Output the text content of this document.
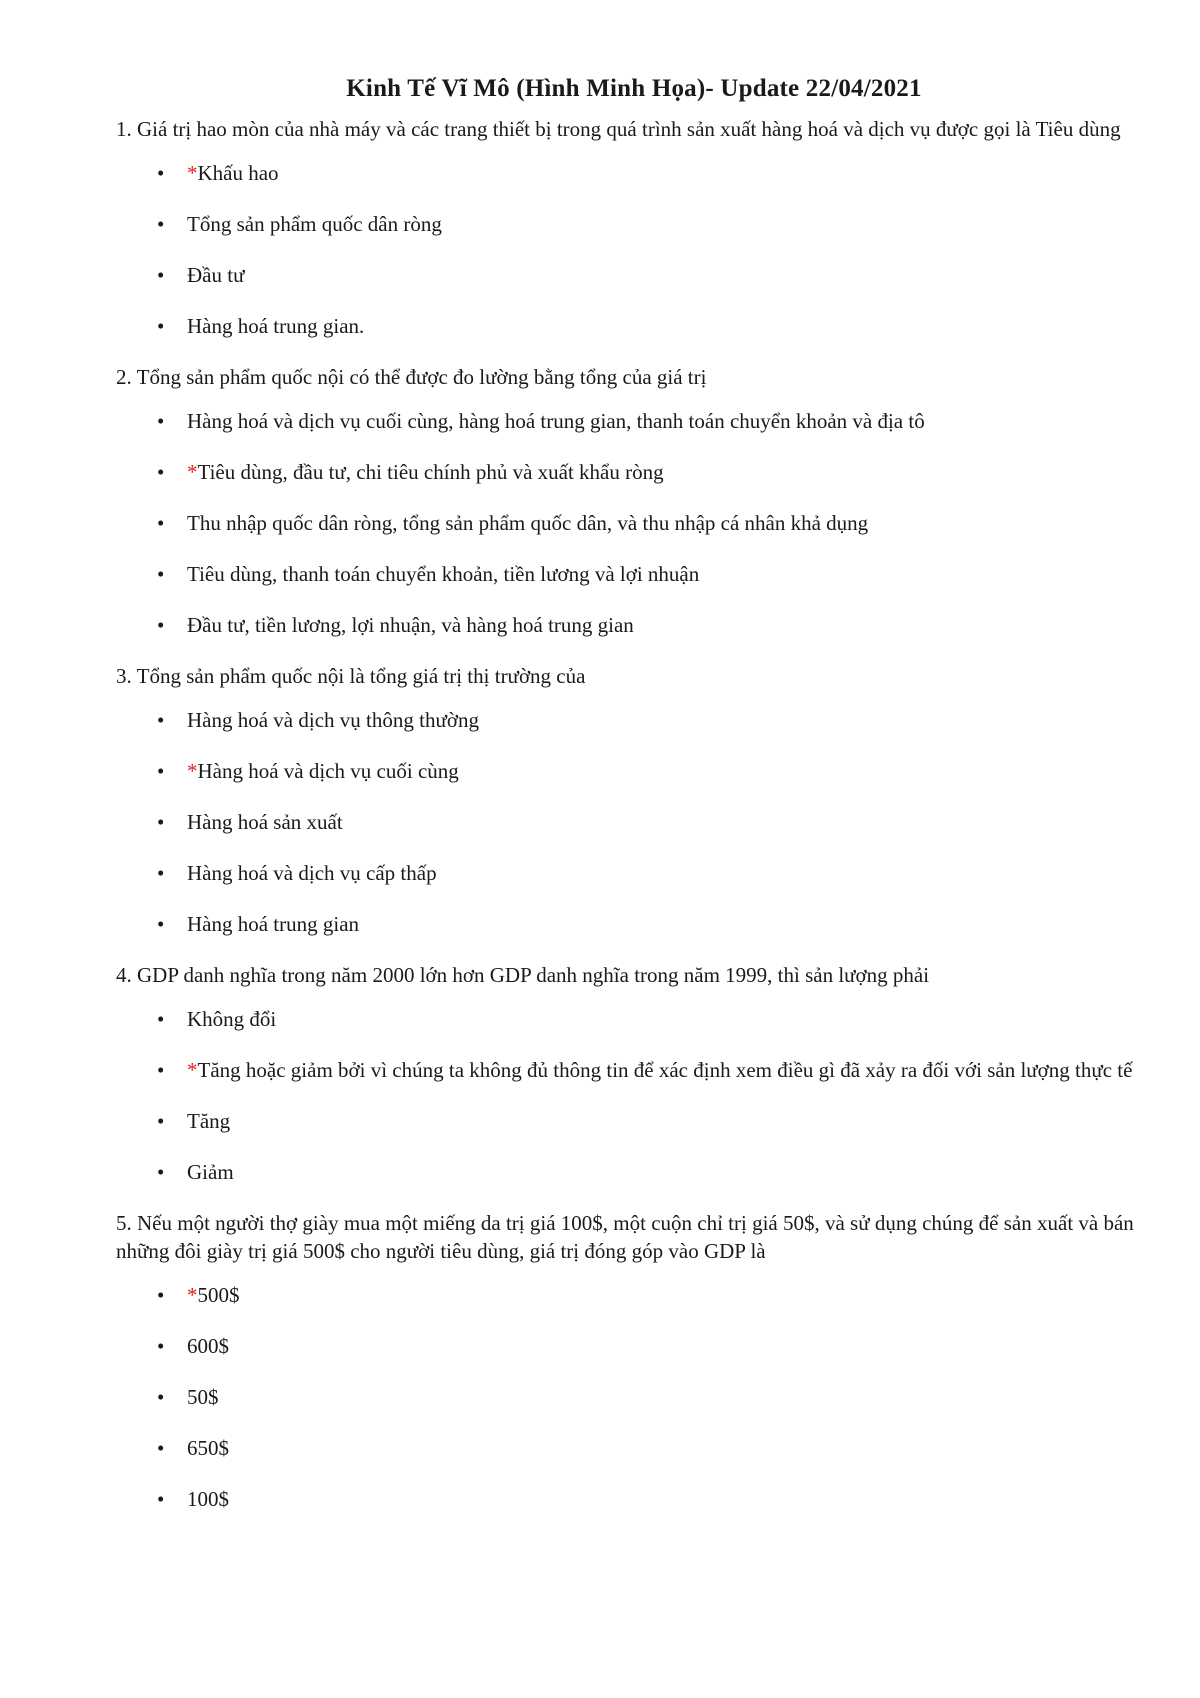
Kinh Tế Vĩ Mô (Hình Minh Họa)- Update 22/04/2021

1. Giá trị hao mòn của nhà máy và các trang thiết bị trong quá trình sản xuất hàng hoá và dịch vụ được gọi là Tiêu dùng

• *Khấu hao
• Tổng sản phẩm quốc dân ròng
• Đầu tư
• Hàng hoá trung gian.

2. Tổng sản phẩm quốc nội có thể được đo lường bằng tổng của giá trị

• Hàng hoá và dịch vụ cuối cùng, hàng hoá trung gian, thanh toán chuyển khoản và địa tô
• *Tiêu dùng, đầu tư, chi tiêu chính phủ và xuất khẩu ròng
• Thu nhập quốc dân ròng, tổng sản phẩm quốc dân, và thu nhập cá nhân khả dụng
• Tiêu dùng, thanh toán chuyển khoản, tiền lương và lợi nhuận
• Đầu tư, tiền lương, lợi nhuận, và hàng hoá trung gian

3. Tổng sản phẩm quốc nội là tổng giá trị thị trường của

• Hàng hoá và dịch vụ thông thường
• *Hàng hoá và dịch vụ cuối cùng
• Hàng hoá sản xuất
• Hàng hoá và dịch vụ cấp thấp
• Hàng hoá trung gian

4. GDP danh nghĩa trong năm 2000 lớn hơn GDP danh nghĩa trong năm 1999, thì sản lượng phải

• Không đổi
• *Tăng hoặc giảm bởi vì chúng ta không đủ thông tin để xác định xem điều gì đã xảy ra đối với sản lượng thực tế
• Tăng
• Giảm

5. Nếu một người thợ giày mua một miếng da trị giá 100$, một cuộn chỉ trị giá 50$, và sử dụng chúng để sản xuất và bán những đôi giày trị giá 500$ cho người tiêu dùng, giá trị đóng góp vào GDP là

• *500$
• 600$
• 50$
• 650$
• 100$
